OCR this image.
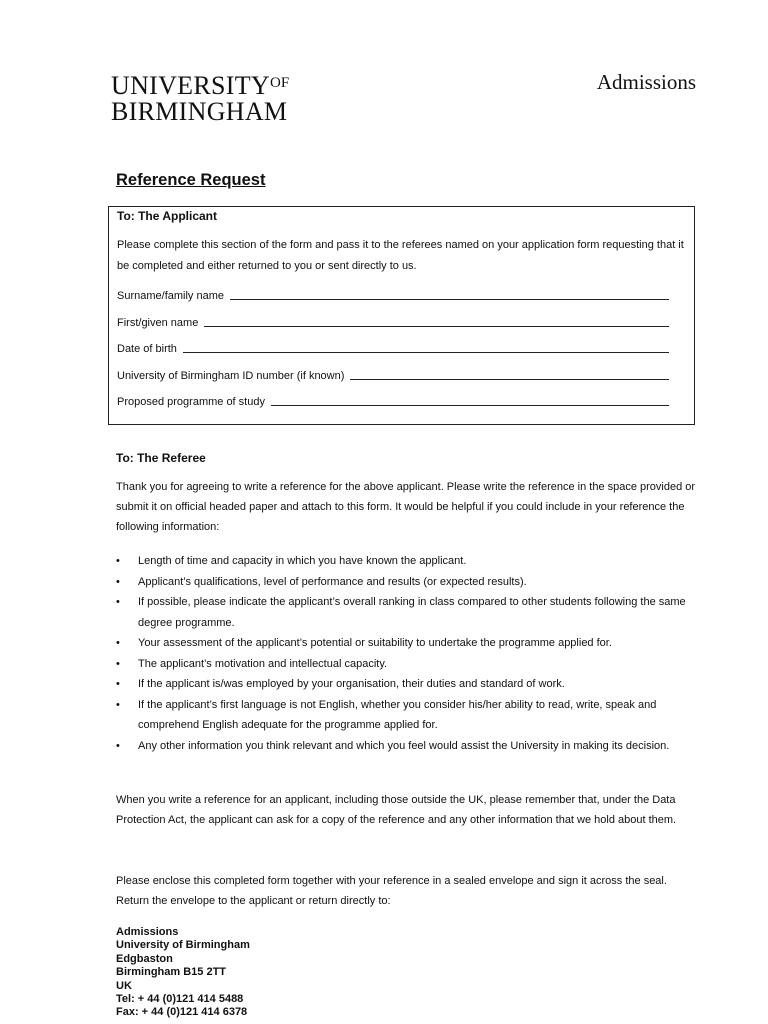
$UNIVERSITY^{OF}$
BIRMINGHAM
Admissions
Reference Request
To: The Applicant
Please complete this section of the form and pass it to the referees named on your application form requesting that it be completed and either returned to you or sent directly to us.
Surname/family name
First/given name
Date of birth
University of Birmingham ID number (if known)
Proposed programme of study
To: The Referee
Thank you for agreeing to write a reference for the above applicant. Please write the reference in the space provided or submit it on official headed paper and attach to this form. It would be helpful if you could include in your reference the following information:
• Length of time and capacity in which you have known the applicant.
• Applicant’s qualifications, level of performance and results (or expected results).
• If possible, please indicate the applicant’s overall ranking in class compared to other students following the same degree programme.
• Your assessment of the applicant’s potential or suitability to undertake the programme applied for.
• The applicant’s motivation and intellectual capacity.
• If the applicant is/was employed by your organisation, their duties and standard of work.
• If the applicant’s first language is not English, whether you consider his/her ability to read, write, speak and comprehend English adequate for the programme applied for.
• Any other information you think relevant and which you feel would assist the University in making its decision.
When you write a reference for an applicant, including those outside the UK, please remember that, under the Data Protection Act, the applicant can ask for a copy of the reference and any other information that we hold about them.
Please enclose this completed form together with your reference in a sealed envelope and sign it across the seal. Return the envelope to the applicant or return directly to:
Admissions
University of Birmingham
Edgbaston
Birmingham B15 2TT
UK
Tel: + 44 (0)121 414 5488
Fax: + 44 (0)121 414 6378
